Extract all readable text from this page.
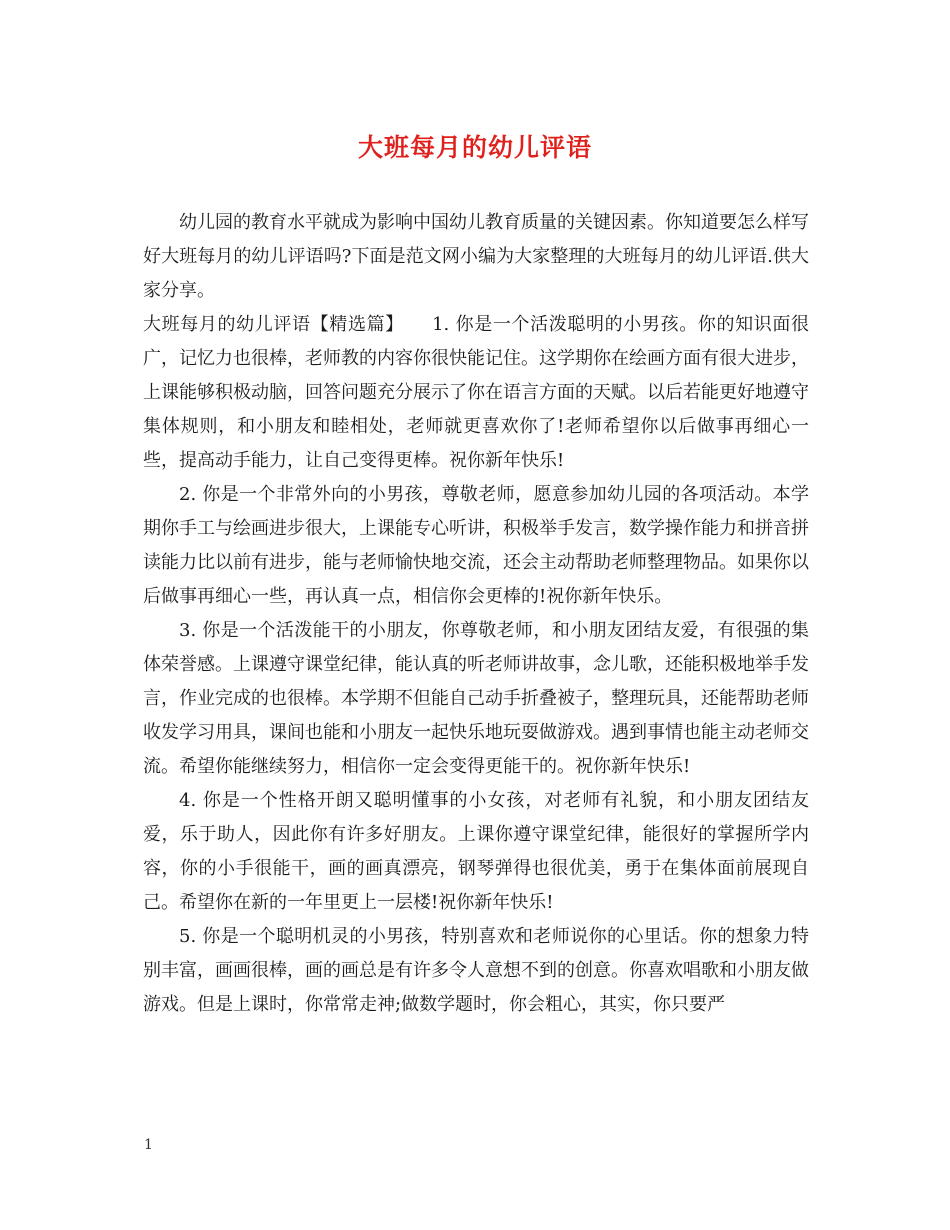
大班每月的幼儿评语

幼儿园的教育水平就成为影响中国幼儿教育质量的关键因素。你知道要怎么样写好大班每月的幼儿评语吗?下面是范文网小编为大家整理的大班每月的幼儿评语.供大家分享。

大班每月的幼儿评语【精选篇】　　1. 你是一个活泼聪明的小男孩。你的知识面很广，记忆力也很棒，老师教的内容你很快能记住。这学期你在绘画方面有很大进步，上课能够积极动脑，回答问题充分展示了你在语言方面的天赋。以后若能更好地遵守集体规则，和小朋友和睦相处，老师就更喜欢你了!老师希望你以后做事再细心一些，提高动手能力，让自己变得更棒。祝你新年快乐!

2. 你是一个非常外向的小男孩，尊敬老师，愿意参加幼儿园的各项活动。本学期你手工与绘画进步很大，上课能专心听讲，积极举手发言，数学操作能力和拼音拼读能力比以前有进步，能与老师愉快地交流，还会主动帮助老师整理物品。如果你以后做事再细心一些，再认真一点，相信你会更棒的!祝你新年快乐。

3. 你是一个活泼能干的小朋友，你尊敬老师，和小朋友团结友爱，有很强的集体荣誉感。上课遵守课堂纪律，能认真的听老师讲故事，念儿歌，还能积极地举手发言，作业完成的也很棒。本学期不但能自己动手折叠被子，整理玩具，还能帮助老师收发学习用具，课间也能和小朋友一起快乐地玩耍做游戏。遇到事情也能主动老师交流。希望你能继续努力，相信你一定会变得更能干的。祝你新年快乐!

4. 你是一个性格开朗又聪明懂事的小女孩，对老师有礼貌，和小朋友团结友爱，乐于助人，因此你有许多好朋友。上课你遵守课堂纪律，能很好的掌握所学内容，你的小手很能干，画的画真漂亮，钢琴弹得也很优美，勇于在集体面前展现自己。希望你在新的一年里更上一层楼!祝你新年快乐!

5. 你是一个聪明机灵的小男孩，特别喜欢和老师说你的心里话。你的想象力特别丰富，画画很棒，画的画总是有许多令人意想不到的创意。你喜欢唱歌和小朋友做游戏。但是上课时，你常常走神;做数学题时，你会粗心，其实，你只要严

1
